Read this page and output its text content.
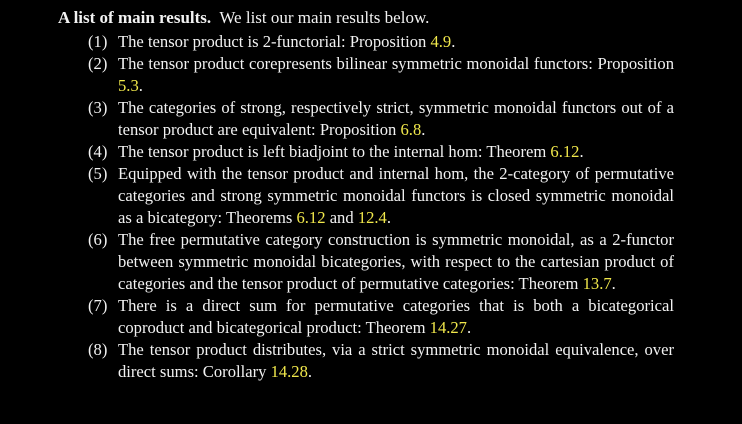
A list of main results. We list our main results below.

(1) The tensor product is 2-functorial: Proposition 4.9.
(2) The tensor product corepresents bilinear symmetric monoidal functors: Proposition 5.3.
(3) The categories of strong, respectively strict, symmetric monoidal functors out of a tensor product are equivalent: Proposition 6.8.
(4) The tensor product is left biadjoint to the internal hom: Theorem 6.12.
(5) Equipped with the tensor product and internal hom, the 2-category of permutative categories and strong symmetric monoidal functors is closed symmetric monoidal as a bicategory: Theorems 6.12 and 12.4.
(6) The free permutative category construction is symmetric monoidal, as a 2-functor between symmetric monoidal bicategories, with respect to the cartesian product of categories and the tensor product of permutative categories: Theorem 13.7.
(7) There is a direct sum for permutative categories that is both a bicategorical coproduct and bicategorical product: Theorem 14.27.
(8) The tensor product distributes, via a strict symmetric monoidal equivalence, over direct sums: Corollary 14.28.
